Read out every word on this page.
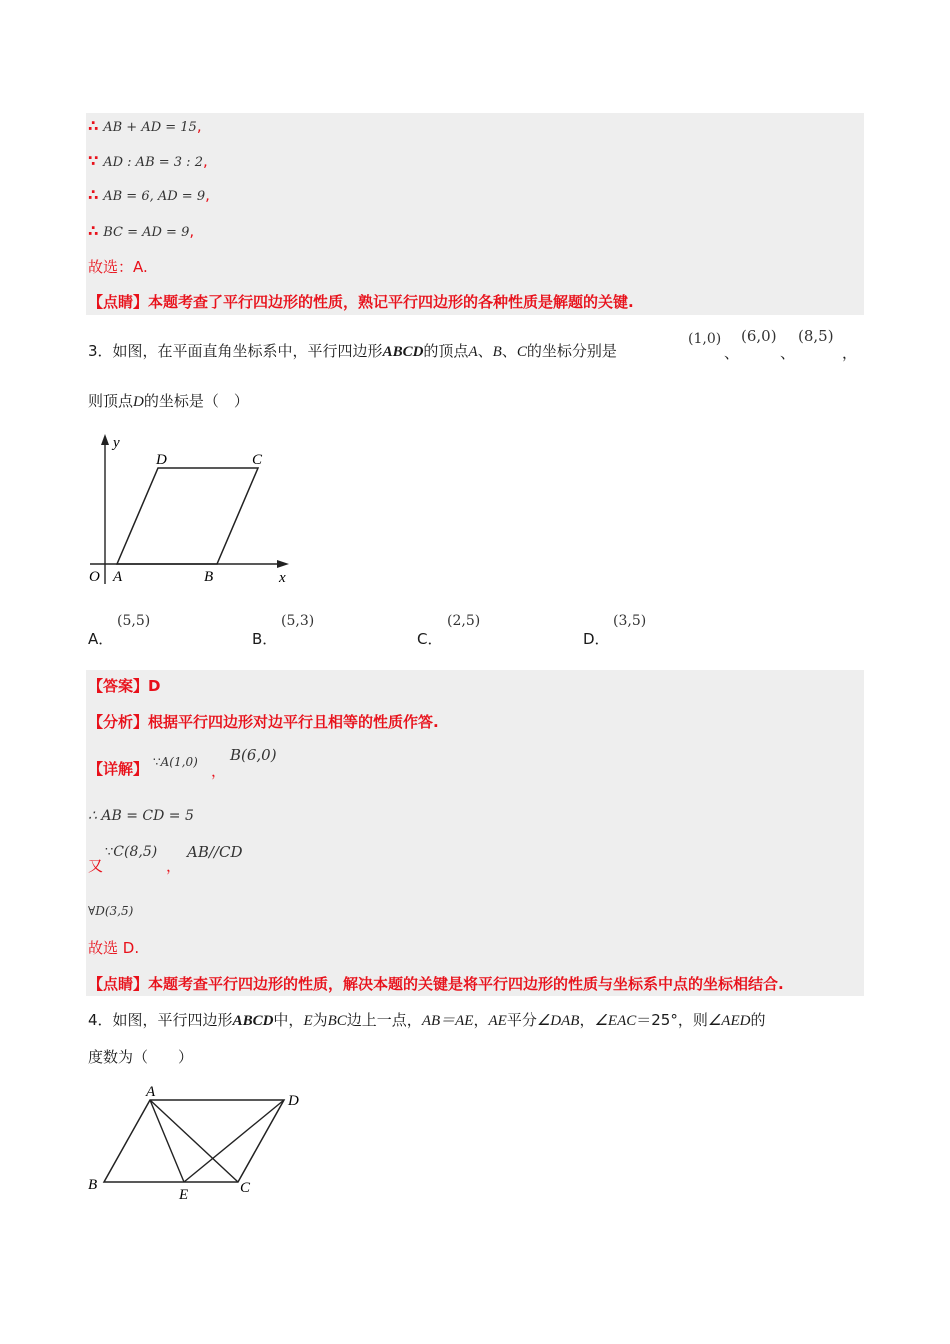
∴ AB + AD = 15,
∵ AD : AB = 3 : 2,
∴ AB = 6, AD = 9,
∴ BC = AD = 9,
故选：A.
【点睛】本题考查了平行四边形的性质，熟记平行四边形的各种性质是解题的关键.
3．如图，在平面直角坐标系中，平行四边形ABCD的顶点A、B、C的坐标分别是
(1,0)
、
(6,0)
、
(8,5)
，
则顶点D的坐标是（　）
y
x
O A	B
C
D
A．
(5,5)
B．
(5,3)
C．
(2,5)
D．
(3,5)
【答案】D
【分析】根据平行四边形对边平行且相等的性质作答.
【详解】 ∵A(1,0) ，
B(6,0)
∴ AB = CD = 5
又
∵C(8,5)
，
AB//CD
∀D(3,5)
故选 D.
【点睛】本题考查平行四边形的性质，解决本题的关键是将平行四边形的性质与坐标系中点的坐标相结合.
4．如图，平行四边形ABCD中，E为BC边上一点，AB＝AE，AE平分∠DAB，∠EAC＝25°，则∠AED的
度数为（　　）
A
D
B
E	C
